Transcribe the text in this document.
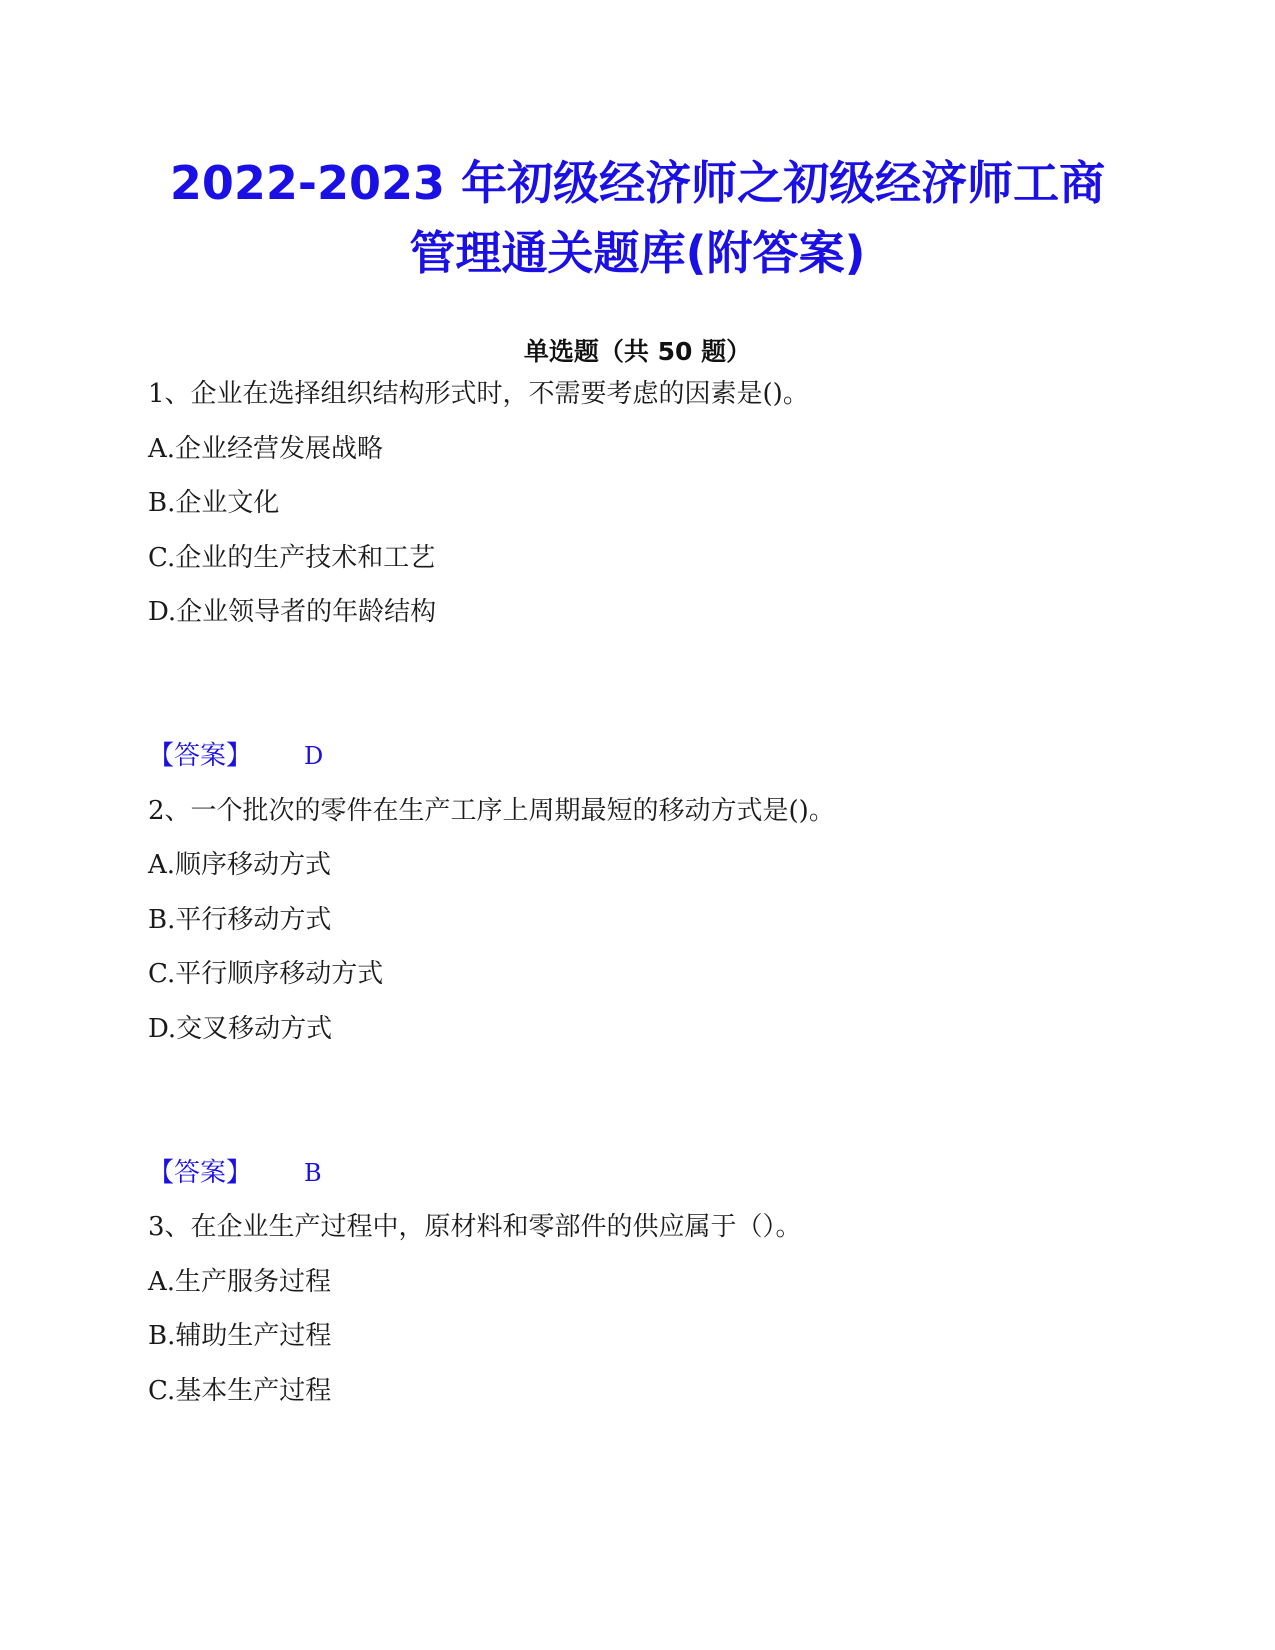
2022-2023 年初级经济师之初级经济师工商
管理通关题库(附答案)
单选题（共 50 题）
1、企业在选择组织结构形式时，不需要考虑的因素是()。
A.企业经营发展战略
B.企业文化
C.企业的生产技术和工艺
D.企业领导者的年龄结构
【答案】 D
2、一个批次的零件在生产工序上周期最短的移动方式是()。
A.顺序移动方式
B.平行移动方式
C.平行顺序移动方式
D.交叉移动方式
【答案】 B
3、在企业生产过程中，原材料和零部件的供应属于（）。
A.生产服务过程
B.辅助生产过程
C.基本生产过程
